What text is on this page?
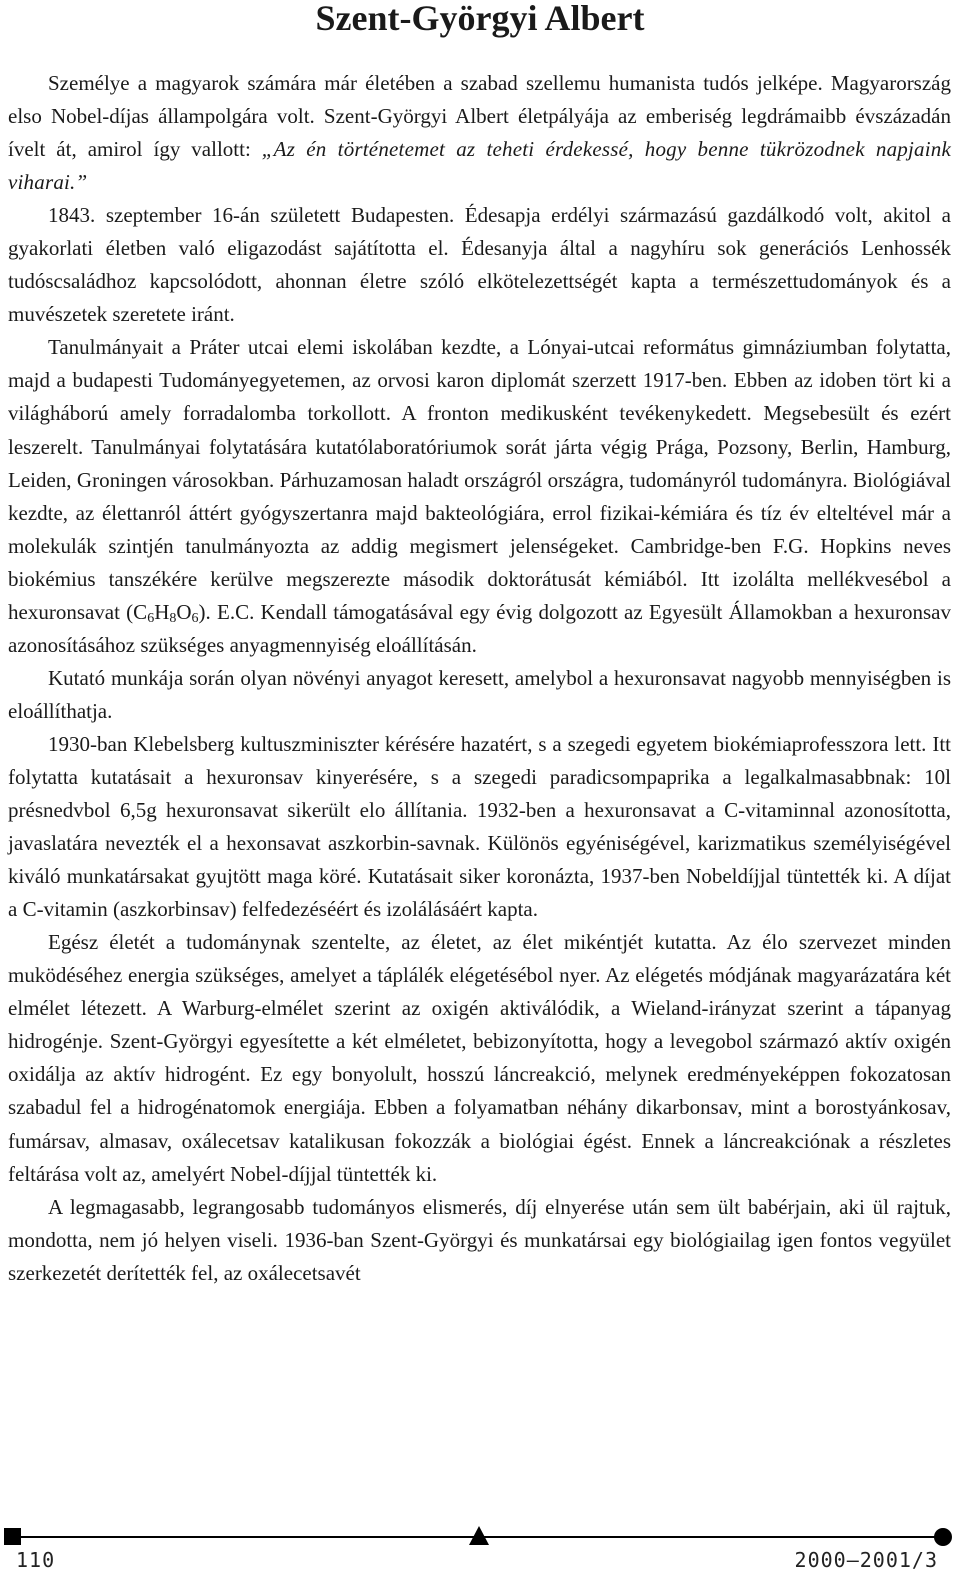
Szent-Györgyi Albert

Személye a magyarok számára már életében a szabad szellemu humanista tudós jelképe. Magyarország elso Nobel-díjas állampolgára volt. Szent-Györgyi Albert életpályája az emberiség legdrámaibb évszázadán ívelt át, amirol így vallott: „Az én történetemet az teheti érdekessé, hogy benne tükrözodnek napjaink viharai.”

1843. szeptember 16-án született Budapesten. Édesapja erdélyi származású gazdálkodó volt, akitol a gyakorlati életben való eligazodást sajátította el. Édesanyja által a nagyhíru sok generációs Lenhossék tudóscsaládhoz kapcsolódott, ahonnan életre szóló elkötelezettségét kapta a természettudományok és a muvészetek szeretete iránt.

Tanulmányait a Práter utcai elemi iskolában kezdte, a Lónyai-utcai református gimnáziumban folytatta, majd a budapesti Tudományegyetemen, az orvosi karon diplomát szerzett 1917-ben. Ebben az idoben tört ki a világháború amely forradalomba torkollott. A fronton medikusként tevékenykedett. Megsebesült és ezért leszerelt. Tanulmányai folytatására kutatólaboratóriumok sorát járta végig Prága, Pozsony, Berlin, Hamburg, Leiden, Groningen városokban. Párhuzamosan haladt országról országra, tudományról tudományra. Biológiával kezdte, az élettanról áttért gyógyszertanra majd bakteológiára, errol fizikai-kémiára és tíz év elteltével már a molekulák szintjén tanulmányozta az addig megismert jelenségeket. Cambridge-ben F.G. Hopkins neves biokémius tanszékére kerülve megszerezte második doktorátusát kémiából. Itt izolálta mellékvesébol a hexuronsavat $(C_6H_8O_6)$. E.C. Kendall támogatásával egy évig dolgozott az Egyesült Államokban a hexuronsav azonosításához szükséges anyagmennyiség eloállításán.

Kutató munkája során olyan növényi anyagot keresett, amelybol a hexuronsavat nagyobb mennyiségben is eloállíthatja.

1930-ban Klebelsberg kultuszminiszter kérésére hazatért, s a szegedi egyetem biokémiaprofesszora lett. Itt folytatta kutatásait a hexuronsav kinyerésére, s a szegedi paradicsompaprika a legalkalmasabbnak: 10l présnedvbol 6,5g hexuronsavat sikerült elo állítania. 1932-ben a hexuronsavat a C-vitaminnal azonosította, javaslatára nevezték el a hexonsavat aszkorbin-savnak. Különös egyéniségével, karizmatikus személyiségével kiváló munkatársakat gyujtött maga köré. Kutatásait siker koronázta, 1937-ben Nobeldíjjal tüntették ki. A díjat a C-vitamin (aszkorbinsav) felfedezéséért és izolálásáért kapta.

Egész életét a tudománynak szentelte, az életet, az élet mikéntjét kutatta. Az élo szervezet minden muködéséhez energia szükséges, amelyet a táplálék elégetésébol nyer. Az elégetés módjának magyarázatára két elmélet létezett. A Warburg-elmélet szerint az oxigén aktiválódik, a Wieland-irányzat szerint a tápanyag hidrogénje. Szent-Györgyi egyesítette a két elméletet, bebizonyította, hogy a levegobol származó aktív oxigén oxidálja az aktív hidrogént. Ez egy bonyolult, hosszú láncreakció, melynek eredményeképpen fokozatosan szabadul fel a hidrogénatomok energiája. Ebben a folyamatban néhány dikarbonsav, mint a borostyánkosav, fumársav, almasav, oxálecetsav katalikusan fokozzák a biológiai égést. Ennek a láncreakciónak a részletes feltárása volt az, amelyért Nobel-díjjal tüntették ki.

A legmagasabb, legrangosabb tudományos elismerés, díj elnyerése után sem ült babérjain, aki ül rajtuk, mondotta, nem jó helyen viseli. 1936-ban Szent-Györgyi és munkatársai egy biológiailag igen fontos vegyület szerkezetét derítették fel, az oxálecetsavét

110	2000–2001/3
